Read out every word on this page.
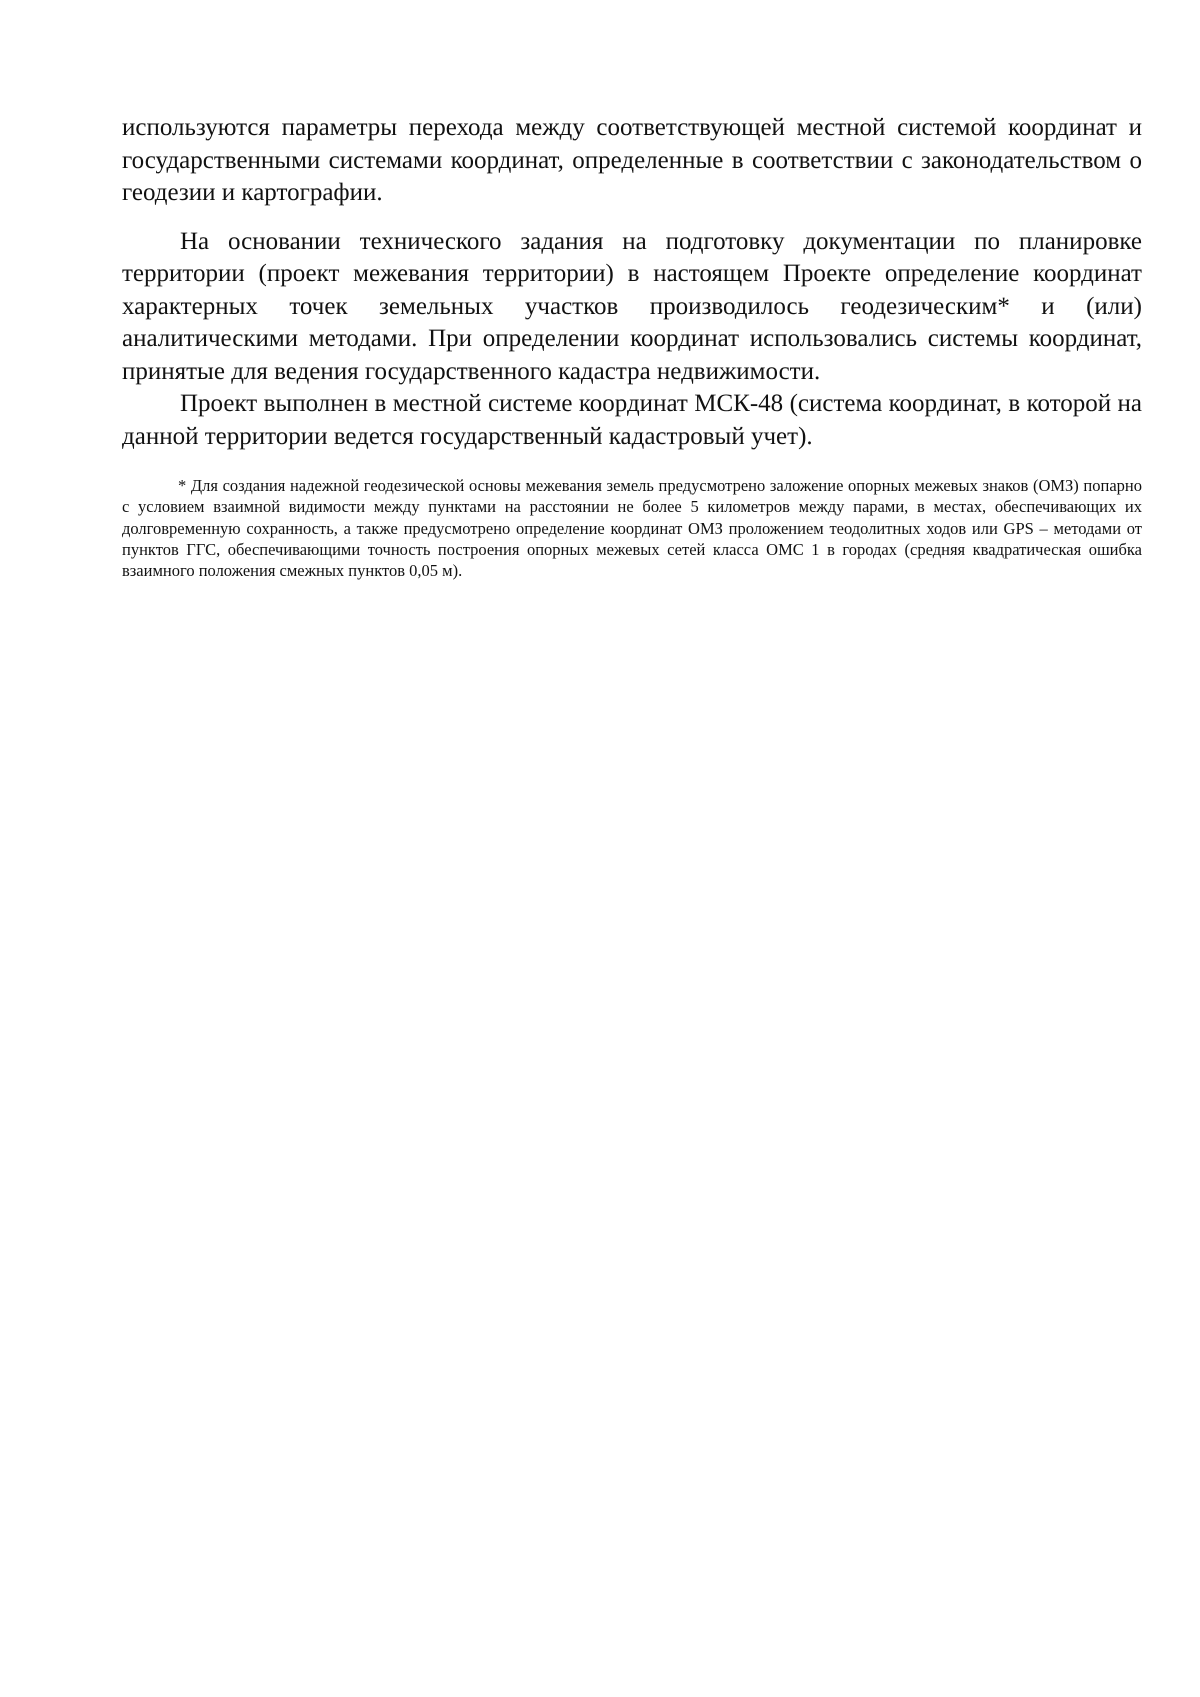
используются параметры перехода между соответствующей местной системой координат и государственными системами координат, определенные в соответствии с законодательством о геодезии и картографии.

На основании технического задания на подготовку документации по планировке территории (проект межевания территории) в настоящем Проекте определение координат характерных точек земельных участков производилось геодезическим* и (или) аналитическими методами. При определении координат использовались системы координат, принятые для ведения государственного кадастра недвижимости.

Проект выполнен в местной системе координат МСК-48 (система координат, в которой на данной территории ведется государственный кадастровый учет).

* Для создания надежной геодезической основы межевания земель предусмотрено заложение опорных межевых знаков (ОМЗ) попарно с условием взаимной видимости между пунктами на расстоянии не более 5 километров между парами, в местах, обеспечивающих их долговременную сохранность, а также предусмотрено определение координат ОМЗ проложением теодолитных ходов или GPS – методами от пунктов ГГС, обеспечивающими точность построения опорных межевых сетей класса ОМС 1 в городах (средняя квадратическая ошибка взаимного положения смежных пунктов 0,05 м).
